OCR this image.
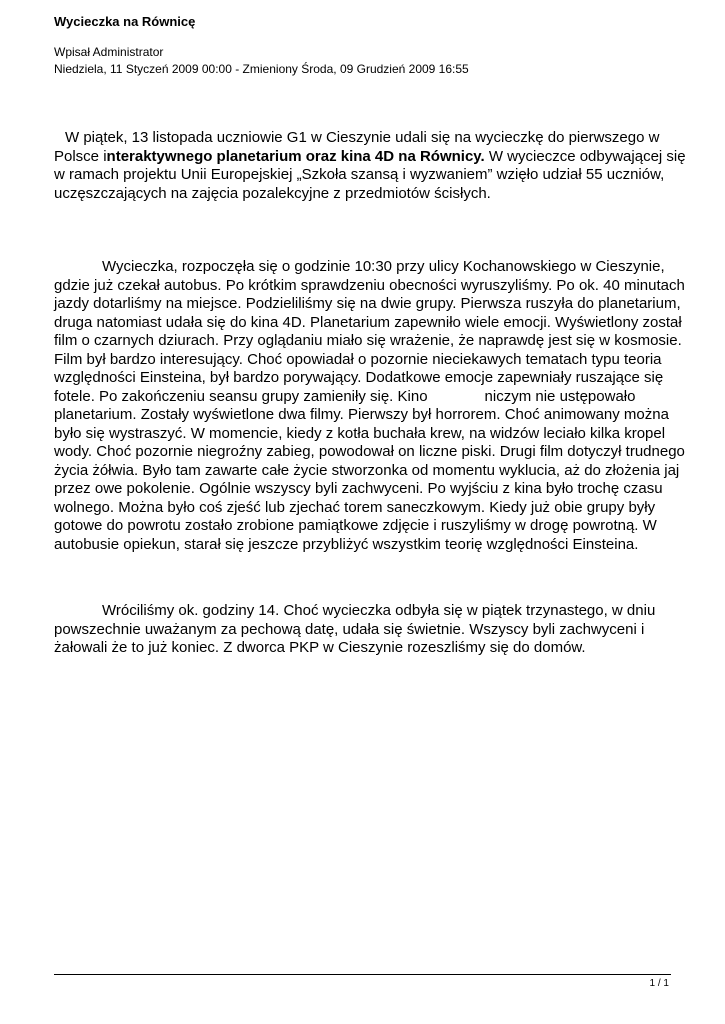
Wycieczka na Równicę
Wpisał Administrator
Niedziela, 11 Styczeń 2009 00:00 - Zmieniony Środa, 09 Grudzień 2009 16:55
W piątek, 13 listopada uczniowie G1 w Cieszynie udali się na wycieczkę do pierwszego w
Polsce interaktywnego planetarium oraz kina 4D na Równicy. W wycieczce odbywającej się
w ramach projektu Unii Europejskiej „Szkoła szansą i wyzwaniem” wzięło udział 55 uczniów,
uczęszczających na zajęcia pozalekcyjne z przedmiotów ścisłych.
Wycieczka, rozpoczęła się o godzinie 10:30 przy ulicy Kochanowskiego w Cieszynie,
gdzie już czekał autobus. Po krótkim sprawdzeniu obecności wyruszyliśmy. Po ok. 40 minutach
jazdy dotarliśmy na miejsce. Podzieliliśmy się na dwie grupy. Pierwsza ruszyła do planetarium,
druga natomiast udała się do kina 4D. Planetarium zapewniło wiele emocji. Wyświetlony został
film o czarnych dziurach. Przy oglądaniu miało się wrażenie, że naprawdę jest się w kosmosie.
Film był bardzo interesujący. Choć opowiadał o pozornie nieciekawych tematach typu teoria
względności Einsteina, był bardzo porywający. Dodatkowe emocje zapewniały ruszające się
fotele. Po zakończeniu seansu grupy zamieniły się. Kino	niczym nie ustępowało
planetarium. Zostały wyświetlone dwa filmy. Pierwszy był horrorem. Choć animowany można
było się wystraszyć. W momencie, kiedy z kotła buchała krew, na widzów leciało kilka kropel
wody. Choć pozornie niegroźny zabieg, powodował on liczne piski. Drugi film dotyczył trudnego
życia żółwia. Było tam zawarte całe życie stworzonka od momentu wyklucia, aż do złożenia jaj
przez owe pokolenie. Ogólnie wszyscy byli zachwyceni. Po wyjściu z kina było trochę czasu
wolnego. Można było coś zjeść lub zjechać torem saneczkowym. Kiedy już obie grupy były
gotowe do powrotu zostało zrobione pamiątkowe zdjęcie i ruszyliśmy w drogę powrotną. W
autobusie opiekun, starał się jeszcze przybliżyć wszystkim teorię względności Einsteina.
Wróciliśmy ok. godziny 14. Choć wycieczka odbyła się w piątek trzynastego, w dniu
powszechnie uważanym za pechową datę, udała się świetnie. Wszyscy byli zachwyceni i
żałowali że to już koniec. Z dworca PKP w Cieszynie rozeszliśmy się do domów.
1 / 1
